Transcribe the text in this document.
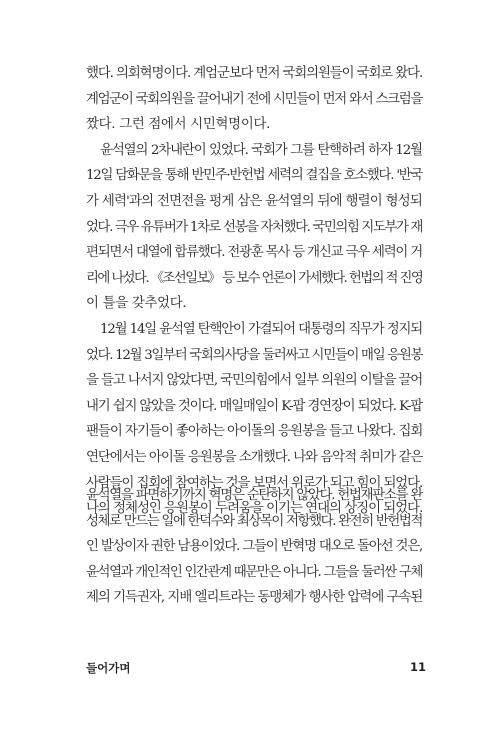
했다. 의회혁명이다. 계엄군보다 먼저 국회의원들이 국회로 왔다.
계엄군이 국회의원을 끌어내기 전에 시민들이 먼저 와서 스크럼을
짰다. 그런 점에서 시민혁명이다.
윤석열의 2차내란이 있었다. 국회가 그를 탄핵하려 하자 12월
12일 담화문을 통해 반민주·반헌법 세력의 결집을 호소했다. '반국
가 세력'과의 전면전을 펑게 삼은 윤석열의 뒤에 행렬이 형성되
었다. 극우 유튜버가 1차로 선봉을 자처했다. 국민의힘 지도부가 재
편되면서 대열에 합류했다. 전광훈 목사 등 개신교 극우 세력이 거
리에 나섰다. 《조선일보》 등 보수 언론이 가세했다. 헌법의 적 진영
이 틀을 갖추었다.
12월 14일 윤석열 탄핵안이 가결되어 대통령의 직무가 정지되
었다. 12월 3일부터 국회의사당을 둘러싸고 시민들이 매일 응원봉
을 들고 나서지 않았다면, 국민의힘에서 일부 의원의 이탈을 끌어
내기 쉽지 않았을 것이다. 매일매일이 K-팝 경연장이 되었다. K-팝
팬들이 자기들이 좋아하는 아이돌의 응원봉을 들고 나왔다. 집회
연단에서는 아이돌 응원봉을 소개했다. 나와 음악적 취미가 같은
사람들이 집회에 참여하는 것을 보면서 위로가 되고 힘이 되었다.
나의 정체성인 응원봉이 두려움을 이기는 연대의 상징이 되었다.
윤석열을 파면하기까지 혁명은 순탄하지 않았다. 헌법재판소를 완
성체로 만드는 일에 한덕수와 최상목이 저항했다. 완전히 반헌법적
인 발상이자 권한 남용이었다. 그들이 반혁명 대오로 돌아선 것은,
윤석열과 개인적인 인간관계 때문만은 아니다. 그들을 둘러싼 구체
제의 기득권자, 지배 엘리트라는 동맹체가 행사한 압력에 구속된
들어가며	11
